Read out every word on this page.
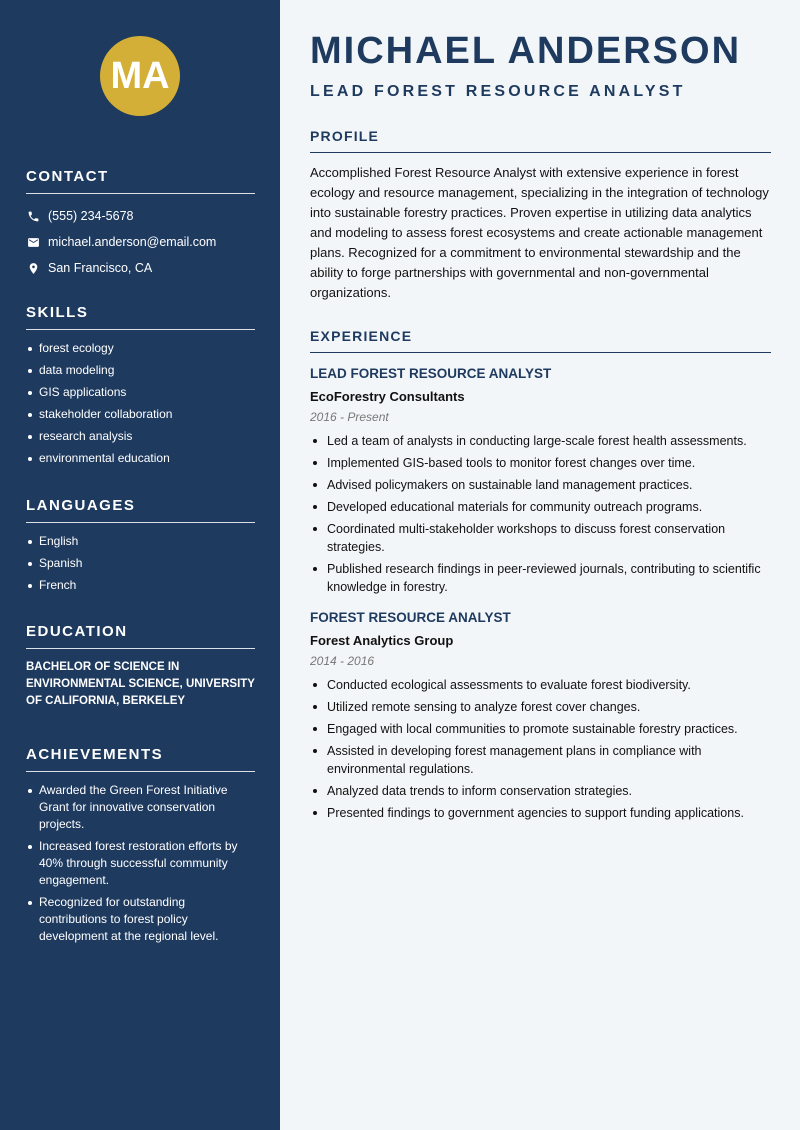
MA
CONTACT
(555) 234-5678
michael.anderson@email.com
San Francisco, CA
SKILLS
forest ecology
data modeling
GIS applications
stakeholder collaboration
research analysis
environmental education
LANGUAGES
English
Spanish
French
EDUCATION
BACHELOR OF SCIENCE IN ENVIRONMENTAL SCIENCE, UNIVERSITY OF CALIFORNIA, BERKELEY
ACHIEVEMENTS
Awarded the Green Forest Initiative Grant for innovative conservation projects.
Increased forest restoration efforts by 40% through successful community engagement.
Recognized for outstanding contributions to forest policy development at the regional level.
MICHAEL ANDERSON
LEAD FOREST RESOURCE ANALYST
PROFILE

Accomplished Forest Resource Analyst with extensive experience in forest ecology and resource management, specializing in the integration of technology into sustainable forestry practices. Proven expertise in utilizing data analytics and modeling to assess forest ecosystems and create actionable management plans. Recognized for a commitment to environmental stewardship and the ability to forge partnerships with governmental and non-governmental organizations.

EXPERIENCE

LEAD FOREST RESOURCE ANALYST

EcoForestry Consultants

2016 - Present

Led a team of analysts in conducting large-scale forest health assessments.
Implemented GIS-based tools to monitor forest changes over time.
Advised policymakers on sustainable land management practices.
Developed educational materials for community outreach programs.
Coordinated multi-stakeholder workshops to discuss forest conservation strategies.
Published research findings in peer-reviewed journals, contributing to scientific knowledge in forestry.

FOREST RESOURCE ANALYST

Forest Analytics Group

2014 - 2016

Conducted ecological assessments to evaluate forest biodiversity.
Utilized remote sensing to analyze forest cover changes.
Engaged with local communities to promote sustainable forestry practices.
Assisted in developing forest management plans in compliance with environmental regulations.
Analyzed data trends to inform conservation strategies.
Presented findings to government agencies to support funding applications.
